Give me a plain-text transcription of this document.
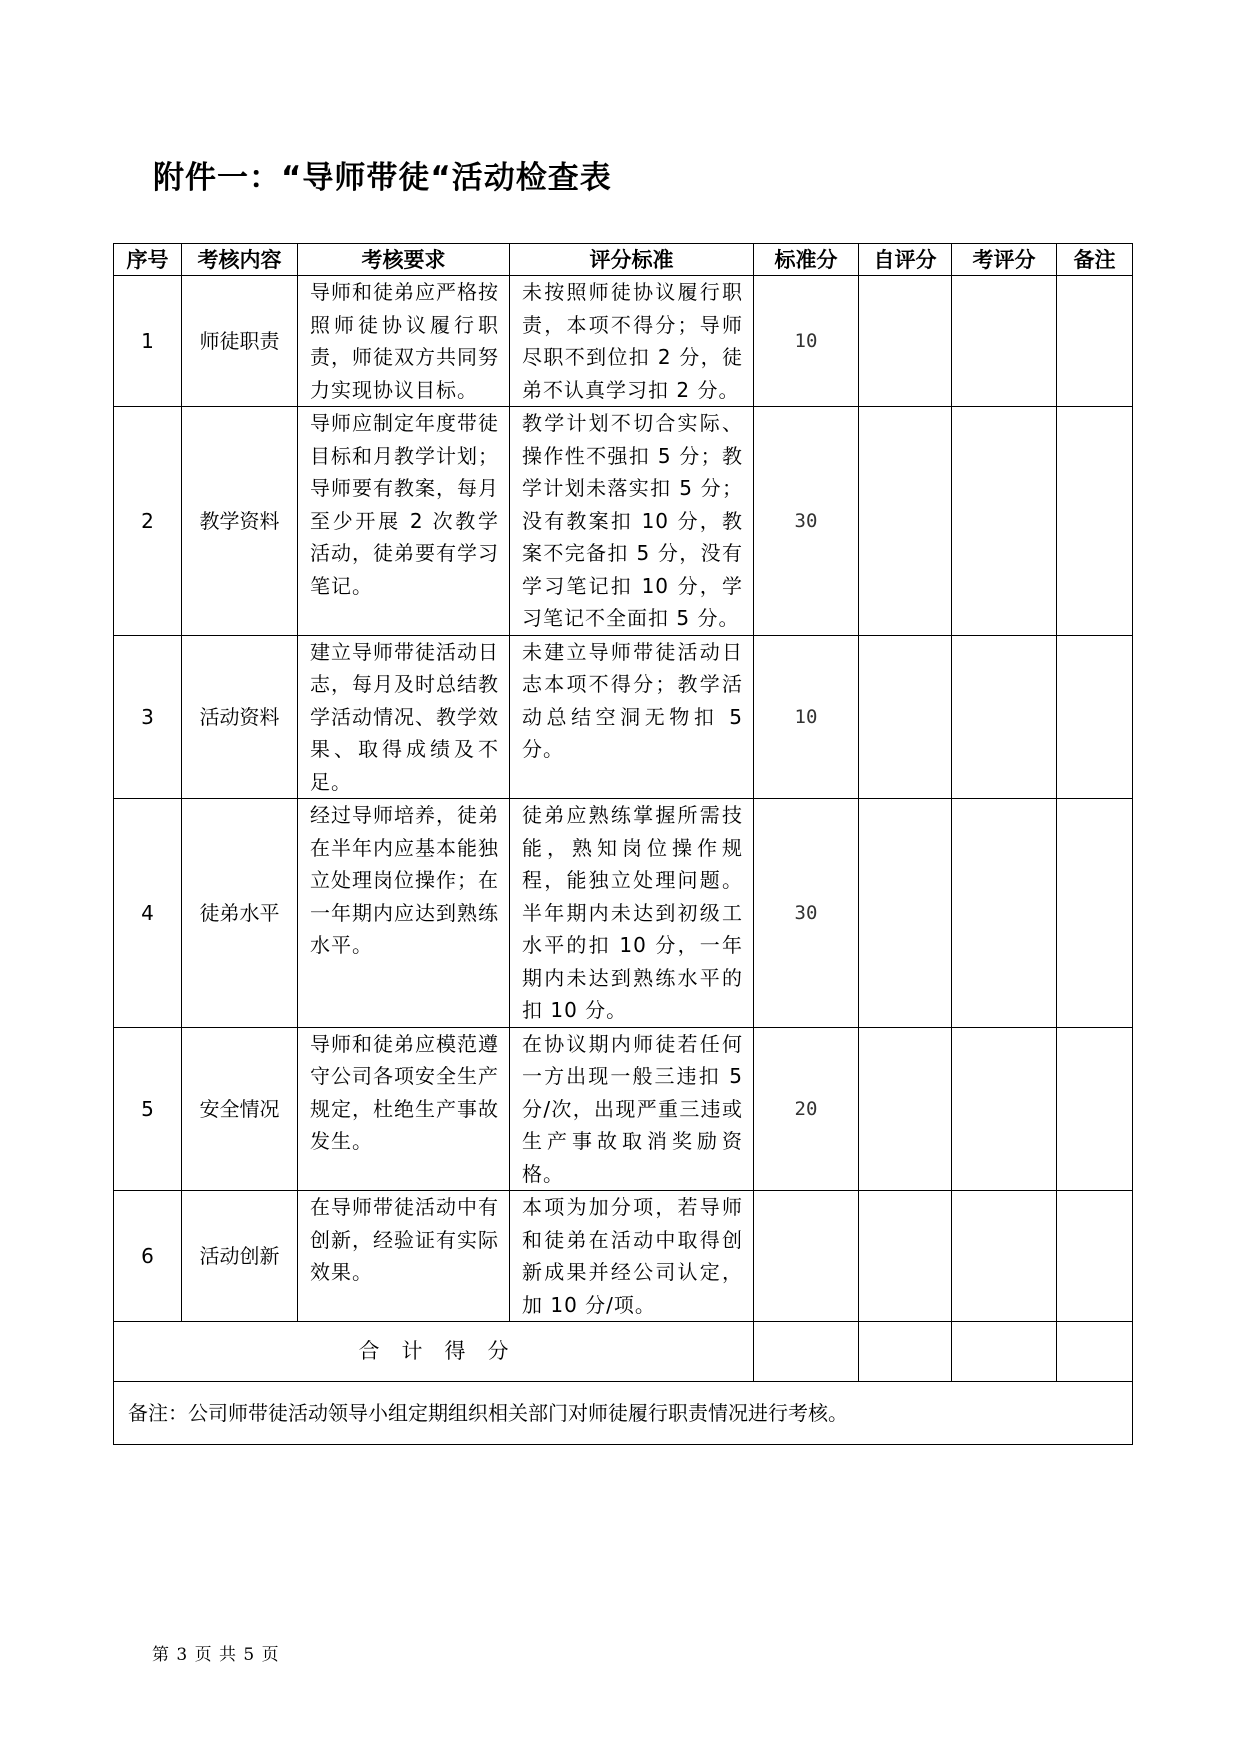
附件一：“导师带徒“活动检查表
序号	考核内容	考核要求	评分标准	标准分	自评分	考评分	备注
1	师徒职责	导师和徒弟应严格按照师徒协议履行职责，师徒双方共同努力实现协议目标。	未按照师徒协议履行职责，本项不得分；导师尽职不到位扣 2 分，徒弟不认真学习扣 2 分。	10			
2	教学资料	导师应制定年度带徒目标和月教学计划；导师要有教案，每月至少开展 2 次教学活动，徒弟要有学习笔记。	教学计划不切合实际、操作性不强扣 5 分；教学计划未落实扣 5 分；没有教案扣 10 分，教案不完备扣 5 分，没有学习笔记扣 10 分，学习笔记不全面扣 5 分。	30			
3	活动资料	建立导师带徒活动日志，每月及时总结教学活动情况、教学效果、取得成绩及不足。	未建立导师带徒活动日志本项不得分；教学活动总结空洞无物扣 5 分。	10			
4	徒弟水平	经过导师培养，徒弟在半年内应基本能独立处理岗位操作；在一年期内应达到熟练水平。	徒弟应熟练掌握所需技能，熟知岗位操作规程，能独立处理问题。半年期内未达到初级工水平的扣 10 分，一年期内未达到熟练水平的扣 10 分。	30			
5	安全情况	导师和徒弟应模范遵守公司各项安全生产规定，杜绝生产事故发生。	在协议期内师徒若任何一方出现一般三违扣 5 分/次，出现严重三违或生产事故取消奖励资格。	20			
6	活动创新	在导师带徒活动中有创新，经验证有实际效果。	本项为加分项，若导师和徒弟在活动中取得创新成果并经公司认定，加 10 分/项。				
合计得分							
备注：公司师带徒活动领导小组定期组织相关部门对师徒履行职责情况进行考核。							
第 3 页 共 5 页
